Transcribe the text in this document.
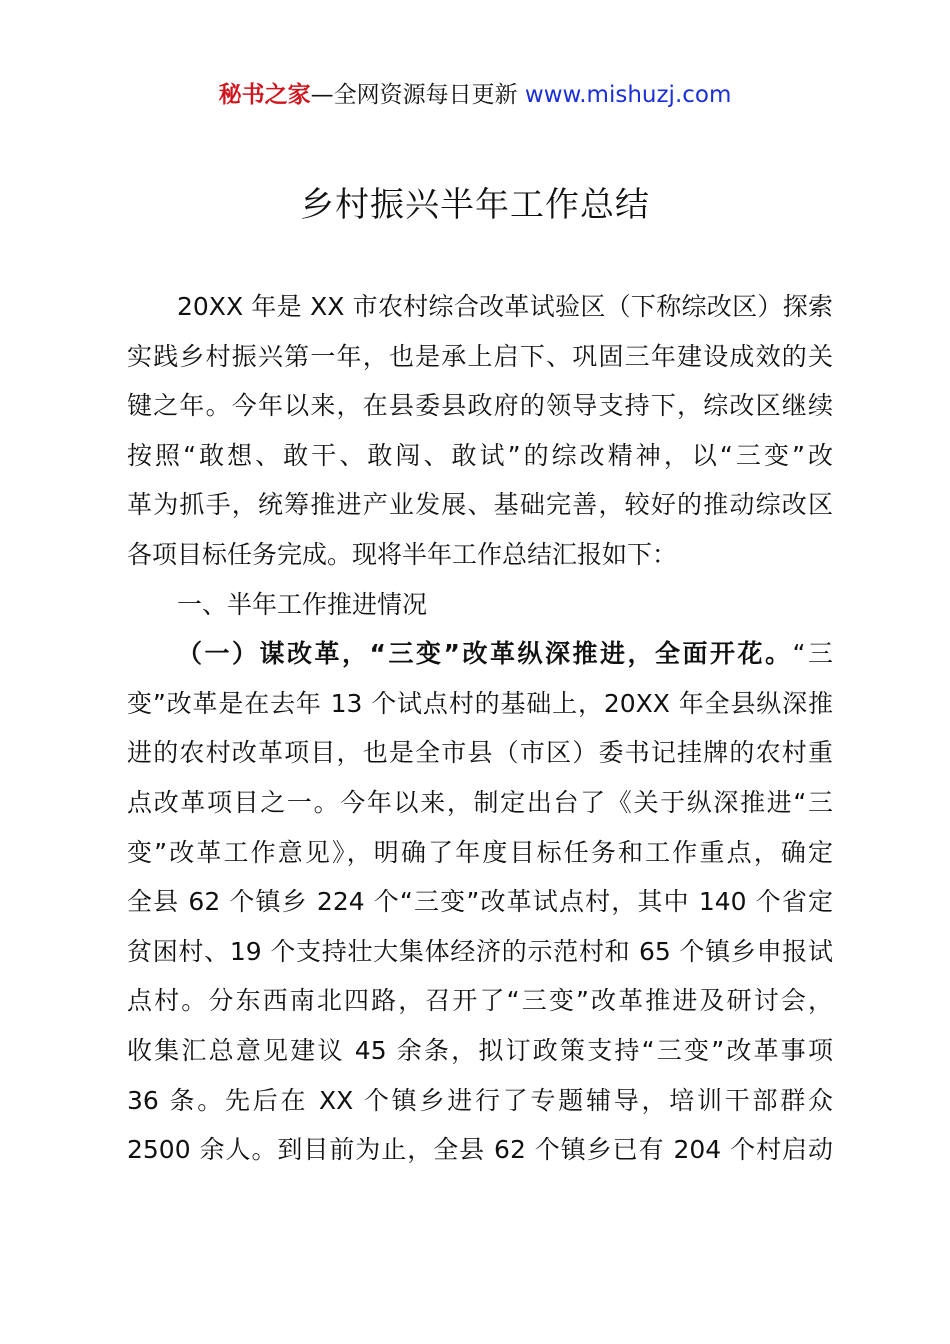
秘书之家—全网资源每日更新 www.mishuzj.com
乡村振兴半年工作总结
20XX 年是 XX 市农村综合改革试验区（下称综改区）探索
实践乡村振兴第一年，也是承上启下、巩固三年建设成效的关
键之年。今年以来，在县委县政府的领导支持下，综改区继续
按照“敢想、敢干、敢闯、敢试”的综改精神，以“三变”改
革为抓手，统筹推进产业发展、基础完善，较好的推动综改区
各项目标任务完成。现将半年工作总结汇报如下：
一、半年工作推进情况
（一）谋改革，“三变”改革纵深推进，全面开花。“三
变”改革是在去年 13 个试点村的基础上，20XX 年全县纵深推
进的农村改革项目，也是全市县（市区）委书记挂牌的农村重
点改革项目之一。今年以来，制定出台了《关于纵深推进“三
变”改革工作意见》，明确了年度目标任务和工作重点，确定
全县 62 个镇乡 224 个“三变”改革试点村，其中 140 个省定
贫困村、19 个支持壮大集体经济的示范村和 65 个镇乡申报试
点村。分东西南北四路，召开了“三变”改革推进及研讨会，
收集汇总意见建议 45 余条，拟订政策支持“三变”改革事项
36 条。先后在 XX 个镇乡进行了专题辅导，培训干部群众
2500 余人。到目前为止，全县 62 个镇乡已有 204 个村启动
